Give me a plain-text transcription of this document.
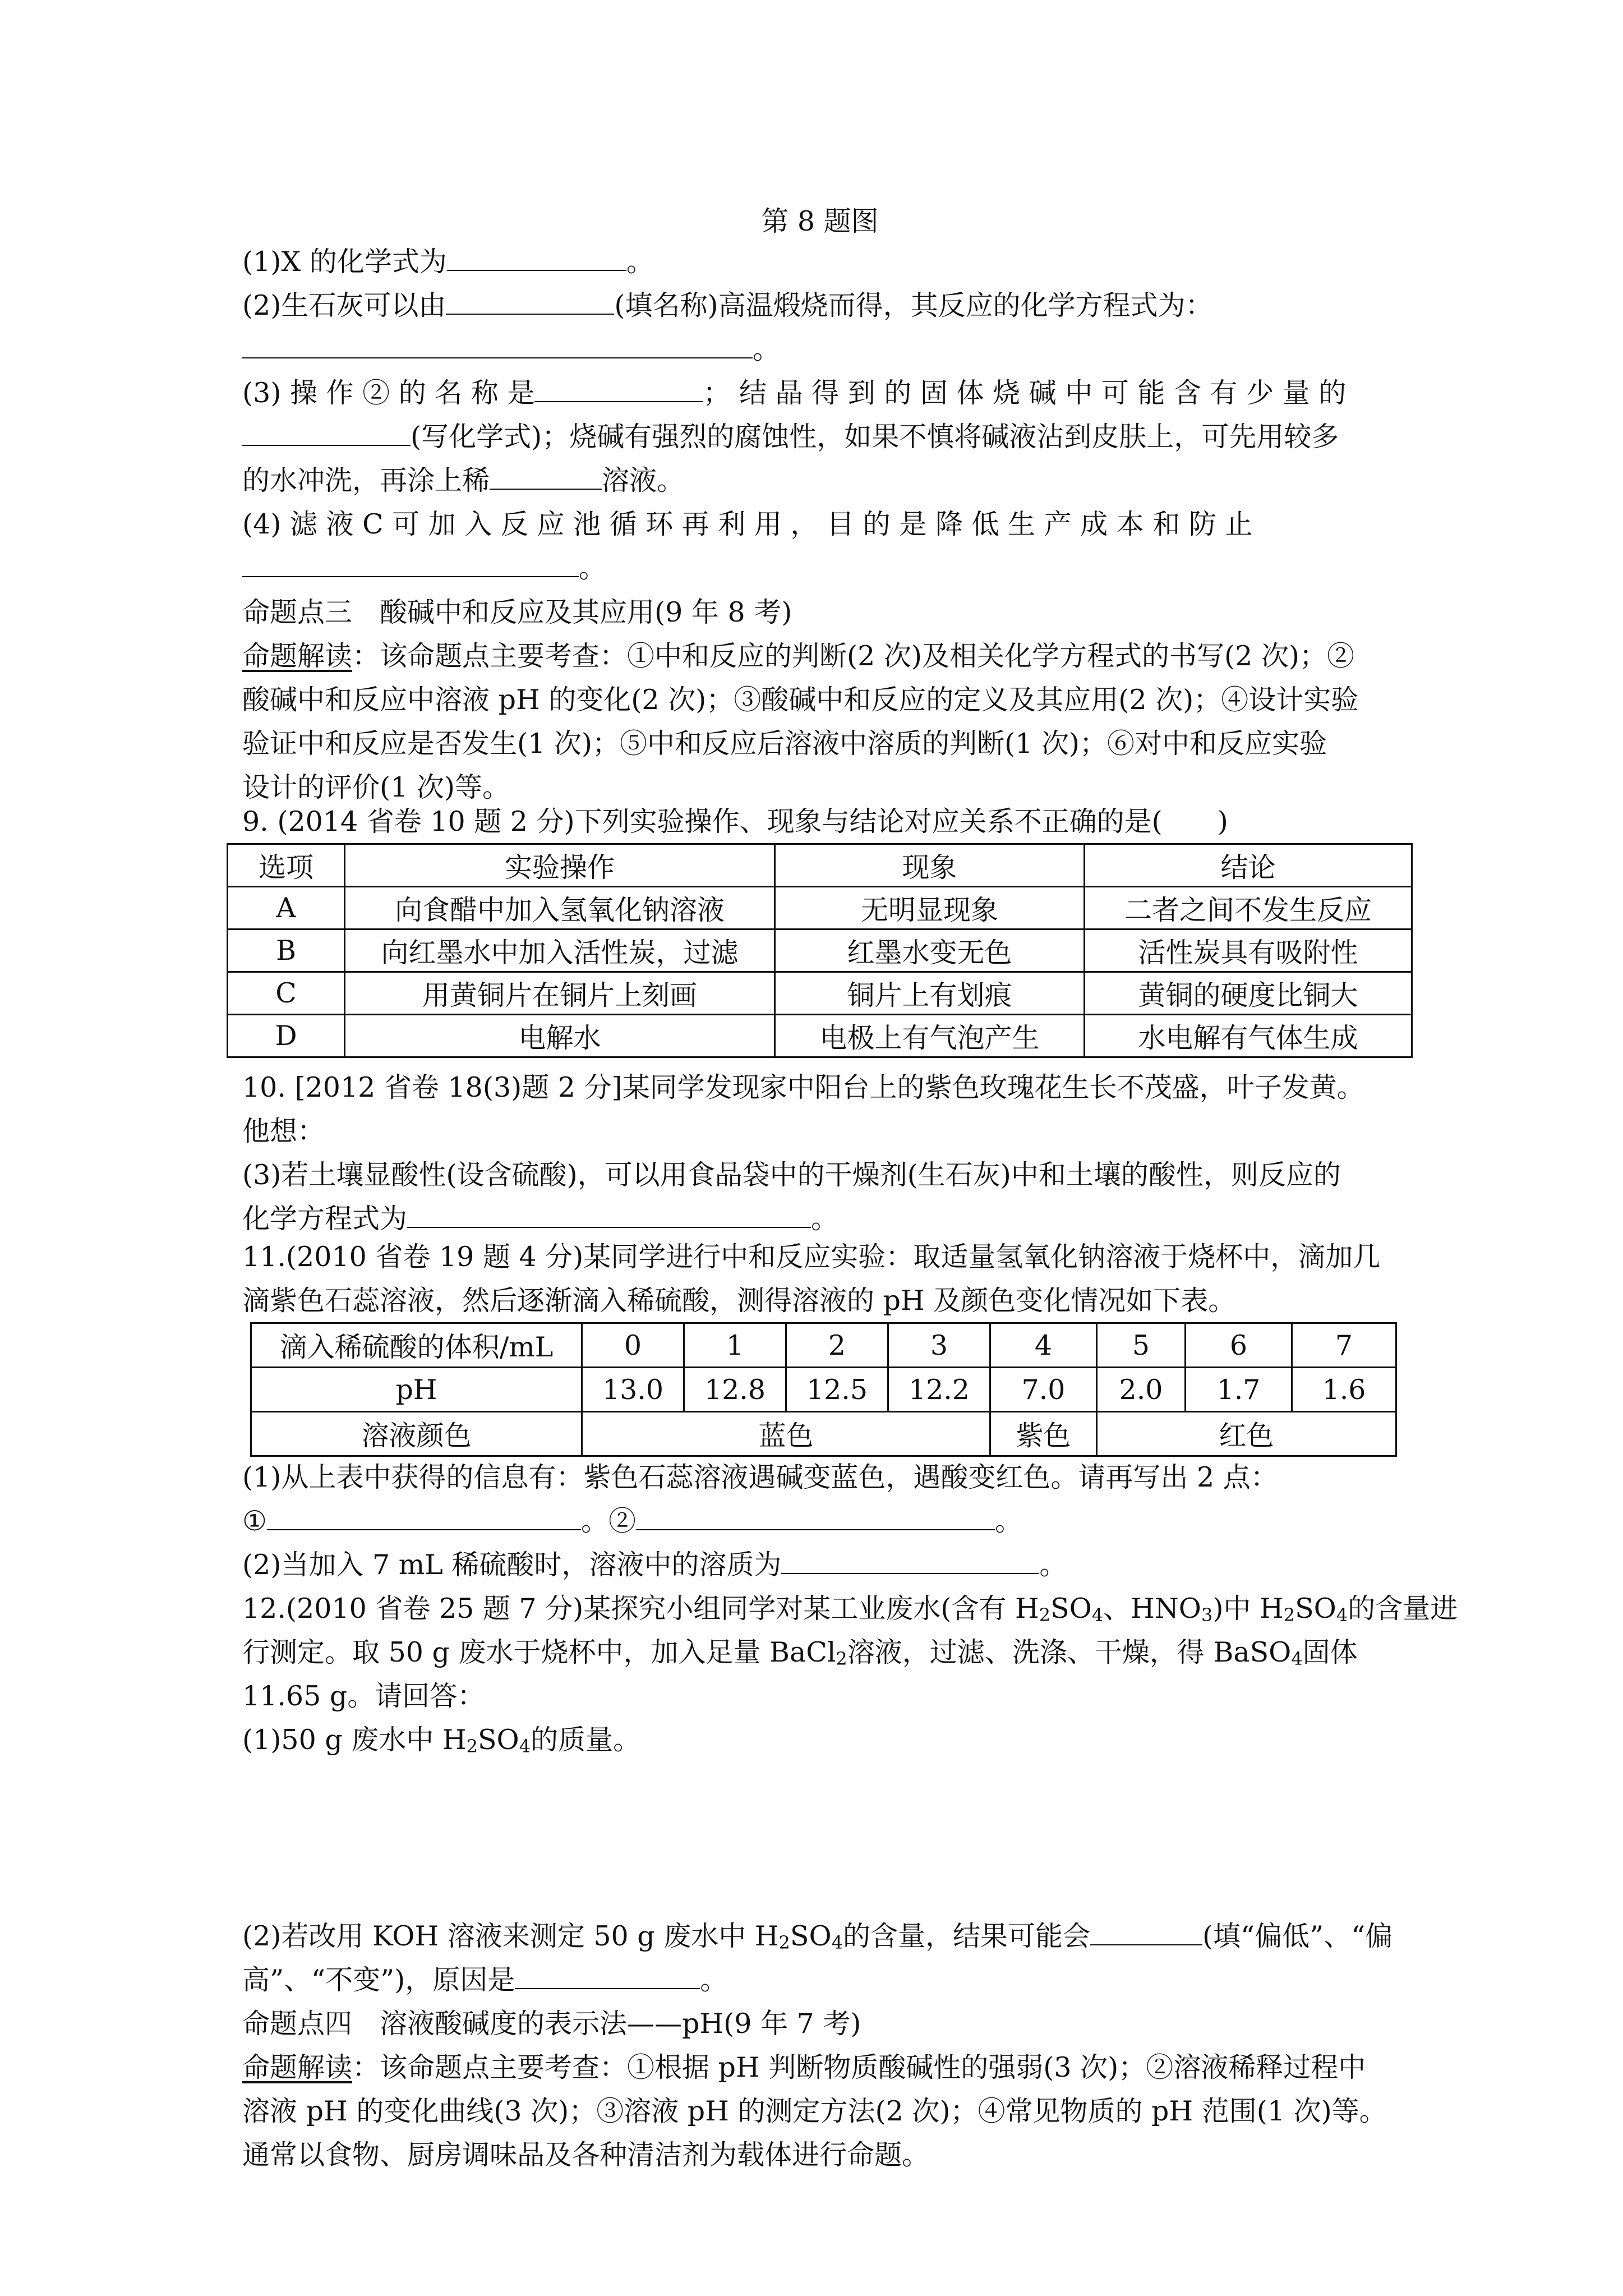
第 8 题图
(1)X 的化学式为	。
(2)生石灰可以由	(填名称)高温煅烧而得，其反应的化学方程式为：
。
(3) 操 作 ② 的 名 称 是	； 结 晶 得 到 的 固 体 烧 碱 中 可 能 含 有 少 量 的
(写化学式)；烧碱有强烈的腐蚀性，如果不慎将碱液沾到皮肤上，可先用较多
的水冲洗，再涂上稀	溶液。
(4) 滤 液 C 可 加 入 反 应 池 循 环 再 利 用 ， 目 的 是 降 低 生 产 成 本 和 防 止
。
命题点三　酸碱中和反应及其应用(9 年 8 考)
命题解读：该命题点主要考查：①中和反应的判断(2 次)及相关化学方程式的书写(2 次)；②
酸碱中和反应中溶液 pH 的变化(2 次)；③酸碱中和反应的定义及其应用(2 次)；④设计实验
验证中和反应是否发生(1 次)；⑤中和反应后溶液中溶质的判断(1 次)；⑥对中和反应实验
设计的评价(1 次)等。
9. (2014 省卷 10 题 2 分)下列实验操作、现象与结论对应关系不正确的是(　　)
选项	实验操作	现象	结论
A	向食醋中加入氢氧化钠溶液	无明显现象	二者之间不发生反应
B	向红墨水中加入活性炭，过滤	红墨水变无色	活性炭具有吸附性
C	用黄铜片在铜片上刻画	铜片上有划痕	黄铜的硬度比铜大
D	电解水	电极上有气泡产生	水电解有气体生成
10. [2012 省卷 18(3)题 2 分]某同学发现家中阳台上的紫色玫瑰花生长不茂盛，叶子发黄。
他想：
(3)若土壤显酸性(设含硫酸)，可以用食品袋中的干燥剂(生石灰)中和土壤的酸性，则反应的
化学方程式为	。
11.(2010 省卷 19 题 4 分)某同学进行中和反应实验：取适量氢氧化钠溶液于烧杯中，滴加几
滴紫色石蕊溶液，然后逐渐滴入稀硫酸，测得溶液的 pH 及颜色变化情况如下表。
滴入稀硫酸的体积/mL	0	1	2	3	4	5	6	7
pH	13.0	12.8	12.5	12.2	7.0	2.0	1.7	1.6
溶液颜色	蓝色				紫色	红色		
(1)从上表中获得的信息有：紫色石蕊溶液遇碱变蓝色，遇酸变红色。请再写出 2 点：
①	。②	。
(2)当加入 7 mL 稀硫酸时，溶液中的溶质为	。
12.(2010 省卷 25 题 7 分)某探究小组同学对某工业废水(含有 $H_2SO_4$、$HNO_3$)中 $H_2SO_4$的含量进
行测定。取 50 g 废水于烧杯中，加入足量 BaCl$_2$溶液，过滤、洗涤、干燥，得 BaSO$_4$固体
11.65 g。请回答：
(1)50 g 废水中 $H_2SO_4$的质量。
(2)若改用 KOH 溶液来测定 50 g 废水中 $H_2SO_4$的含量，结果可能会	(填“偏低”、“偏
高”、“不变”)，原因是	。
命题点四　溶液酸碱度的表示法——pH(9 年 7 考)
命题解读：该命题点主要考查：①根据 pH 判断物质酸碱性的强弱(3 次)；②溶液稀释过程中
溶液 pH 的变化曲线(3 次)；③溶液 pH 的测定方法(2 次)；④常见物质的 pH 范围(1 次)等。
通常以食物、厨房调味品及各种清洁剂为载体进行命题。
